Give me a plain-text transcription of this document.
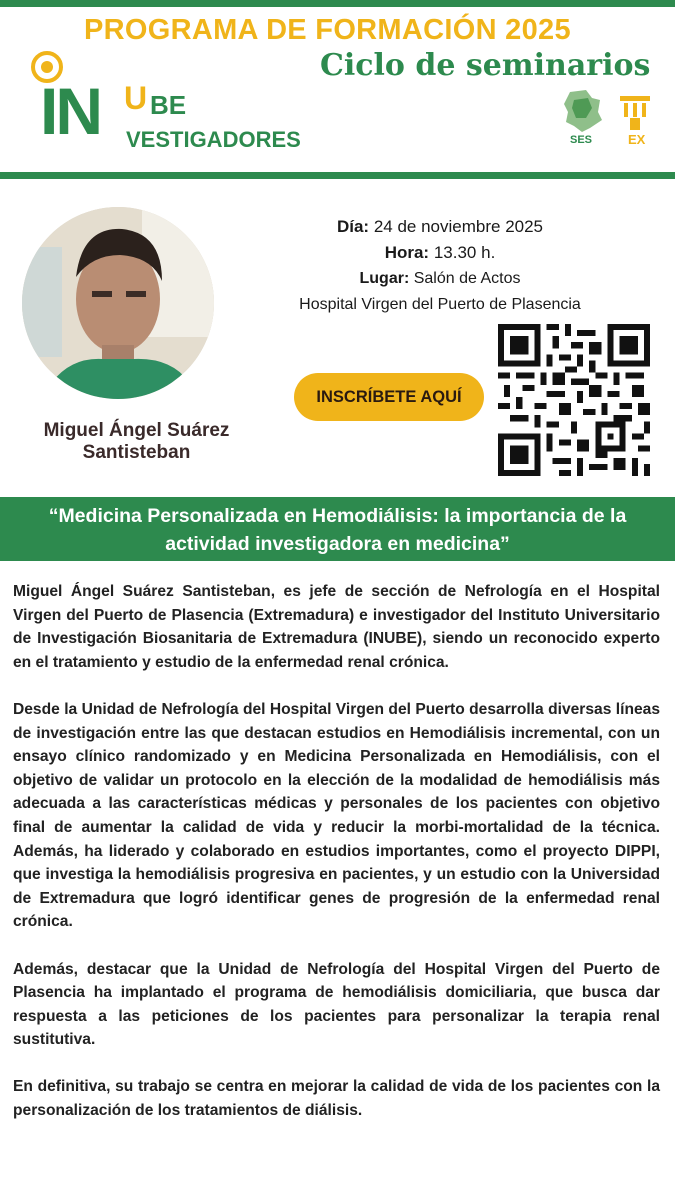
PROGRAMA DE FORMACIÓN 2025
Ciclo de seminarios
IN U BE
VESTIGADORES	SES	EX
Miguel Ángel Suárez
Santisteban
Día: 24 de noviembre 2025
Hora: 13.30 h.
Lugar: Salón de Actos
Hospital Virgen del Puerto de Plasencia
INSCRÍBETE AQUÍ
“Medicina Personalizada en Hemodiálisis: la importancia de la
actividad investigadora en medicina”

Miguel Ángel Suárez Santisteban, es jefe de sección de Nefrología en el Hospital Virgen del Puerto de Plasencia (Extremadura) e investigador del Instituto Universitario de Investigación Biosanitaria de Extremadura (INUBE), siendo un reconocido experto en el tratamiento y estudio de la enfermedad renal crónica.

Desde la Unidad de Nefrología del Hospital Virgen del Puerto desarrolla diversas líneas de investigación entre las que destacan estudios en Hemodiálisis incremental, con un ensayo clínico randomizado y en Medicina Personalizada en Hemodiálisis, con el objetivo de validar un protocolo en la elección de la modalidad de hemodiálisis más adecuada a las características médicas y personales de los pacientes con objetivo final de aumentar la calidad de vida y reducir la morbi-mortalidad de la técnica. Además, ha liderado y colaborado en estudios importantes, como el proyecto DIPPI, que investiga la hemodiálisis progresiva en pacientes, y un estudio con la Universidad de Extremadura que logró identificar genes de progresión de la enfermedad renal crónica.

Además, destacar que la Unidad de Nefrología del Hospital Virgen del Puerto de Plasencia ha implantado el programa de hemodiálisis domiciliaria, que busca dar respuesta a las peticiones de los pacientes para personalizar la terapia renal sustitutiva.

En definitiva, su trabajo se centra en mejorar la calidad de vida de los pacientes con la personalización de los tratamientos de diálisis.
